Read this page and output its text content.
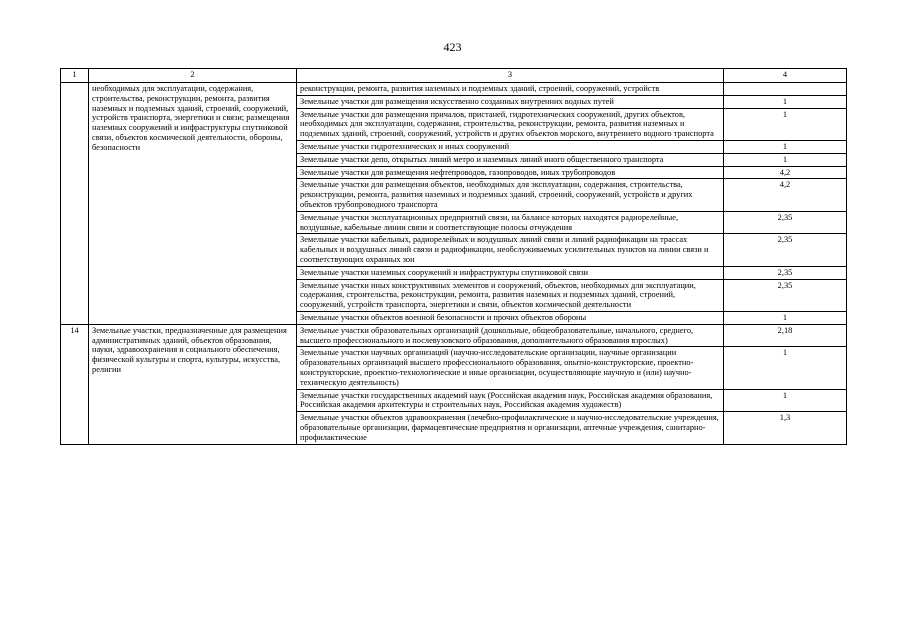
423
1	2	3	4
	необходимых для эксплуатации, содержания, строительства, реконструкции, ремонта, развития наземных и подземных зданий, строений, сооружений, устройств транспорта, энергетики и связи; размещения наземных сооружений и инфраструктуры спутниковой связи, объектов космической деятельности, обороны, безопасности	реконструкции, ремонта, развития наземных и подземных зданий, строений, сооружений, устройств	
		Земельные участки для размещения искусственно созданных внутренних водных путей	1
		Земельные участки для размещения причалов, пристаней, гидротехнических сооружений, других объектов, необходимых для эксплуатации, содержания, строительства, реконструкции, ремонта, развития наземных и подземных зданий, строений, сооружений, устройств и других объектов морского, внутреннего водного транспорта	1
		Земельные участки гидротехнических и иных сооружений	1
		Земельные участки депо, открытых линий метро и наземных линий иного общественного транспорта	1
		Земельные участки для размещения нефтепроводов, газопроводов, иных трубопроводов	4,2
		Земельные участки для размещения объектов, необходимых для эксплуатации, содержания, строительства, реконструкции, ремонта, развития наземных и подземных зданий, строений, сооружений, устройств и других объектов трубопроводного транспорта	4,2
		Земельные участки эксплуатационных предприятий связи, на балансе которых находятся радиорелейные, воздушные, кабельные линии связи и соответствующие полосы отчуждения	2,35
		Земельные участки кабельных, радиорелейных и воздушных линий связи и линий радиофикации на трассах кабельных и воздушных линий связи и радиофикации, необслуживаемых усилительных пунктов на линии связи и соответствующих охранных зон	2,35
		Земельные участки наземных сооружений и инфраструктуры спутниковой связи	2,35
		Земельные участки иных конструктивных элементов и сооружений, объектов, необходимых для эксплуатации, содержания, строительства, реконструкции, ремонта, развития наземных и подземных зданий, строений, сооружений, устройств транспорта, энергетики и связи, объектов космической деятельности	2,35
		Земельные участки объектов военной безопасности и прочих объектов обороны	1
14	Земельные участки, предназначенные для размещения административных зданий, объектов образования, науки, здравоохранения и социального обеспечения, физической культуры и спорта, культуры, искусства, религии	Земельные участки образовательных организаций (дошкольные, общеобразовательные, начального, среднего, высшего профессионального и послевузовского образования, дополнительного образования взрослых)	2,18
		Земельные участки научных организаций (научно-исследовательские организации, научные организации образовательных организаций высшего профессионального образования, опытно-конструкторские, проектно-конструкторские, проектно-технологические и иные организации, осуществляющие научную и (или) научно-техническую деятельность)	1
		Земельные участки государственных академий наук (Российская академия наук, Российская академия образования, Российская академия архитектуры и строительных наук, Российская академия художеств)	1
		Земельные участки объектов здравоохранения (лечебно-профилактические и научно-исследовательские учреждения, образовательные организации, фармацевтические предприятия и организации, аптечные учреждения, санитарно-профилактические	1,3
